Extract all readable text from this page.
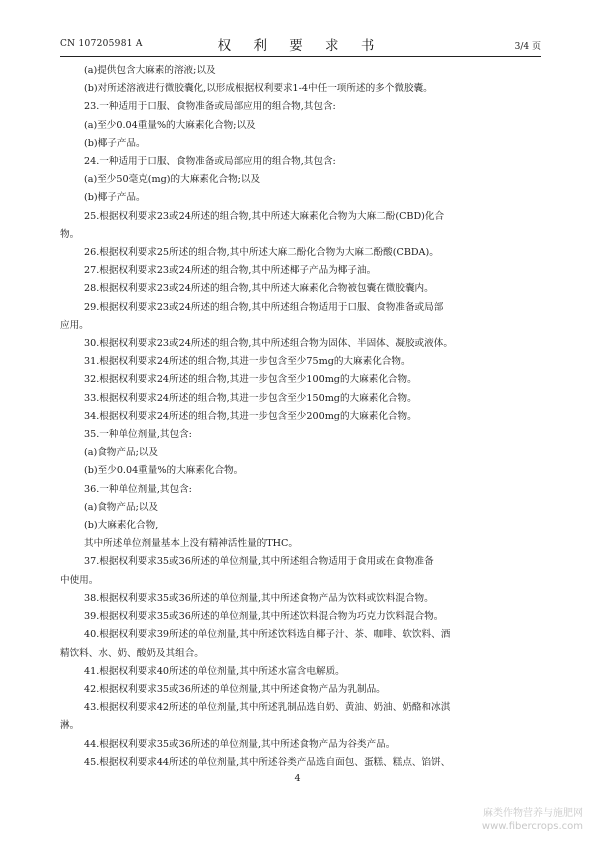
CN 107205981 A	权 利 要 求 书	3/4 页
(a)提供包含大麻素的溶液;以及
(b)对所述溶液进行微胶囊化,以形成根据权利要求1-4中任一项所述的多个微胶囊。
23.一种适用于口服、食物准备或局部应用的组合物,其包含:
(a)至少0.04重量%的大麻素化合物;以及
(b)椰子产品。
24.一种适用于口服、食物准备或局部应用的组合物,其包含:
(a)至少50毫克(mg)的大麻素化合物;以及
(b)椰子产品。
25.根据权利要求23或24所述的组合物,其中所述大麻素化合物为大麻二酚(CBD)化合
物。
26.根据权利要求25所述的组合物,其中所述大麻二酚化合物为大麻二酚酸(CBDA)。
27.根据权利要求23或24所述的组合物,其中所述椰子产品为椰子油。
28.根据权利要求23或24所述的组合物,其中所述大麻素化合物被包囊在微胶囊内。
29.根据权利要求23或24所述的组合物,其中所述组合物适用于口服、食物准备或局部
应用。
30.根据权利要求23或24所述的组合物,其中所述组合物为固体、半固体、凝胶或液体。
31.根据权利要求24所述的组合物,其进一步包含至少75mg的大麻素化合物。
32.根据权利要求24所述的组合物,其进一步包含至少100mg的大麻素化合物。
33.根据权利要求24所述的组合物,其进一步包含至少150mg的大麻素化合物。
34.根据权利要求24所述的组合物,其进一步包含至少200mg的大麻素化合物。
35.一种单位剂量,其包含:
(a)食物产品;以及
(b)至少0.04重量%的大麻素化合物。
36.一种单位剂量,其包含:
(a)食物产品;以及
(b)大麻素化合物,
其中所述单位剂量基本上没有精神活性量的THC。
37.根据权利要求35或36所述的单位剂量,其中所述组合物适用于食用或在食物准备
中使用。
38.根据权利要求35或36所述的单位剂量,其中所述食物产品为饮料或饮料混合物。
39.根据权利要求35或36所述的单位剂量,其中所述饮料混合物为巧克力饮料混合物。
40.根据权利要求39所述的单位剂量,其中所述饮料选自椰子汁、茶、咖啡、软饮料、酒
精饮料、水、奶、酸奶及其组合。
41.根据权利要求40所述的单位剂量,其中所述水富含电解质。
42.根据权利要求35或36所述的单位剂量,其中所述食物产品为乳制品。
43.根据权利要求42所述的单位剂量,其中所述乳制品选自奶、黄油、奶油、奶酪和冰淇
淋。
44.根据权利要求35或36所述的单位剂量,其中所述食物产品为谷类产品。
45.根据权利要求44所述的单位剂量,其中所述谷类产品选自面包、蛋糕、糕点、馅饼、
4
麻类作物营养与施肥网
www.fibercrops.com
